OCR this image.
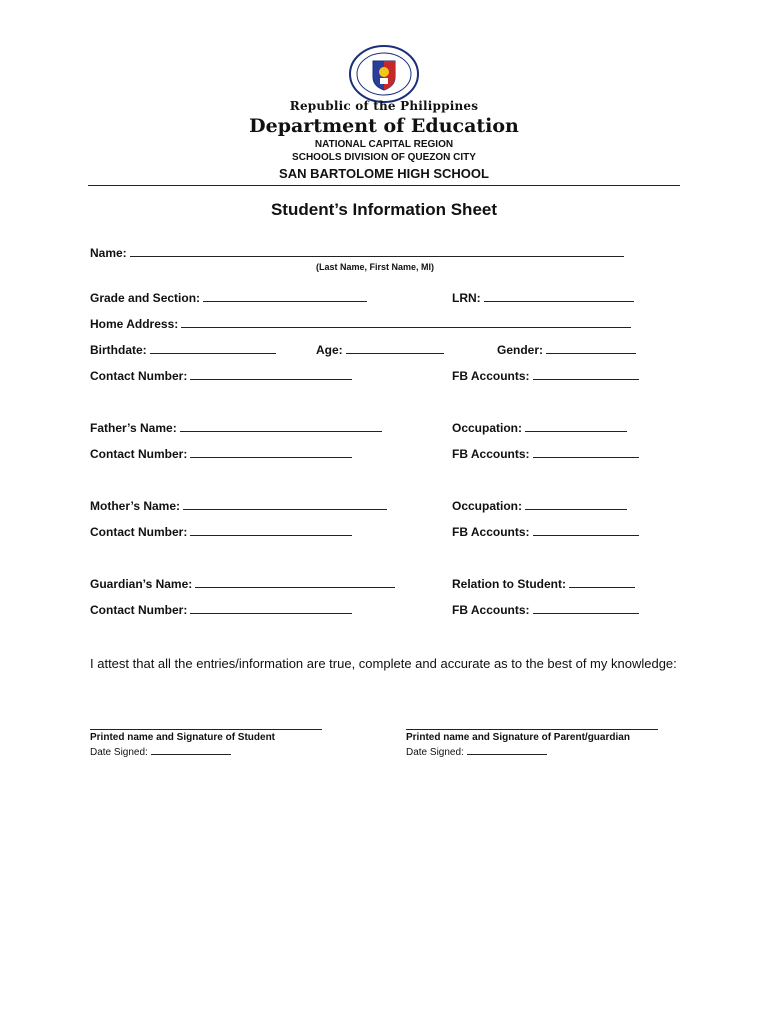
Republic of the Philippines
Department of Education
NATIONAL CAPITAL REGION
SCHOOLS DIVISION OF QUEZON CITY
SAN BARTOLOME HIGH SCHOOL
Student’s Information Sheet
Name:
(Last Name, First Name, MI)
Grade and Section:	LRN:
Home Address:
Birthdate:	Age:	Gender:
Contact Number:	FB Accounts:
Father’s Name:	Occupation:
Contact Number:	FB Accounts:
Mother’s Name:	Occupation:
Contact Number:	FB Accounts:
Guardian’s Name:	Relation to Student:
Contact Number:	FB Accounts:
I attest that all the entries/information are true, complete and accurate as to the best of my knowledge:
Printed name and Signature of Student	Printed name and Signature of Parent/guardian
Date Signed:	Date Signed:
